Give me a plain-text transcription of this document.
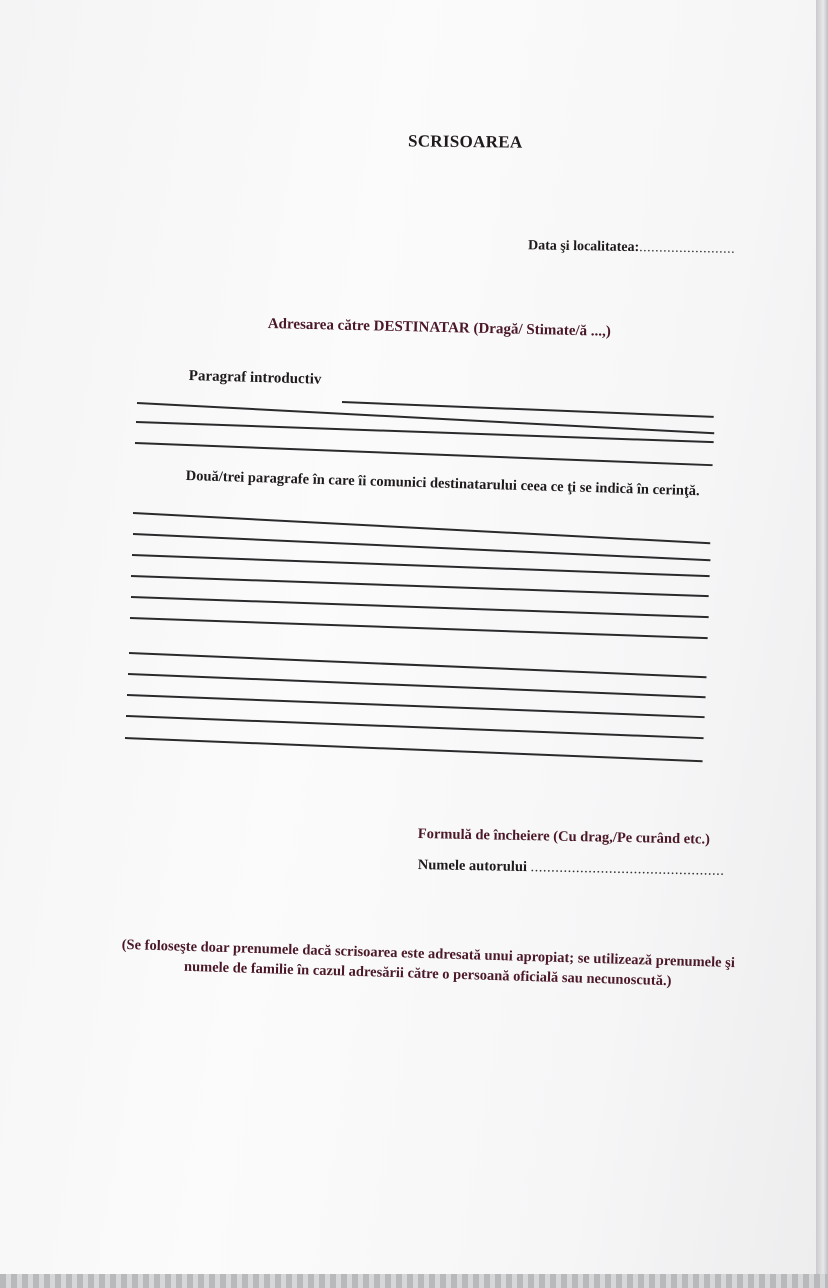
SCRISOAREA
Data şi localitatea:........................
Adresarea către DESTINATAR (Dragă/ Stimate/ă ...,)
Paragraf introductiv
Două/trei paragrafe în care îi comunici destinatarului ceea ce ţi se indică în cerinţă.
Formulă de încheiere (Cu drag,/Pe curând etc.)
Numele autorului ...............................................
(Se foloseşte doar prenumele dacă scrisoarea este adresată unui apropiat; se utilizează prenumele şi numele de familie în cazul adresării către o persoană oficială sau necunoscută.)
